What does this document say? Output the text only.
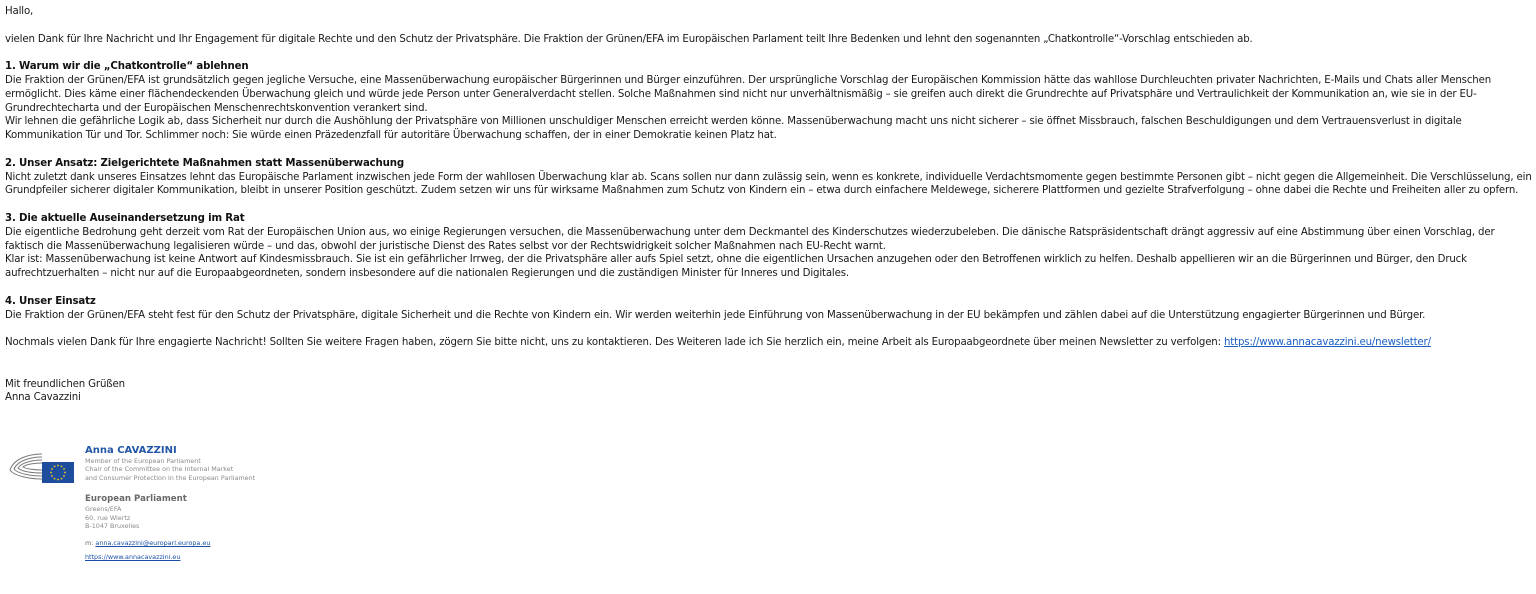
Hallo,

vielen Dank für Ihre Nachricht und Ihr Engagement für digitale Rechte und den Schutz der Privatsphäre. Die Fraktion der Grünen/EFA im Europäischen Parlament teilt Ihre Bedenken und lehnt den sogenannten „Chatkontrolle“-Vorschlag entschieden ab.

1. Warum wir die „Chatkontrolle“ ablehnen

Die Fraktion der Grünen/EFA ist grundsätzlich gegen jegliche Versuche, eine Massenüberwachung europäischer Bürgerinnen und Bürger einzuführen. Der ursprüngliche Vorschlag der Europäischen Kommission hätte das wahllose Durchleuchten privater Nachrichten, E-Mails und Chats aller Menschen ermöglicht. Dies käme einer flächendeckenden Überwachung gleich und würde jede Person unter Generalverdacht stellen. Solche Maßnahmen sind nicht nur unverhältnismäßig – sie greifen auch direkt die Grundrechte auf Privatsphäre und Vertraulichkeit der Kommunikation an, wie sie in der EU-Grundrechtecharta und der Europäischen Menschenrechtskonvention verankert sind.

Wir lehnen die gefährliche Logik ab, dass Sicherheit nur durch die Aushöhlung der Privatsphäre von Millionen unschuldiger Menschen erreicht werden könne. Massenüberwachung macht uns nicht sicherer – sie öffnet Missbrauch, falschen Beschuldigungen und dem Vertrauensverlust in digitale Kommunikation Tür und Tor. Schlimmer noch: Sie würde einen Präzedenzfall für autoritäre Überwachung schaffen, der in einer Demokratie keinen Platz hat.

2. Unser Ansatz: Zielgerichtete Maßnahmen statt Massenüberwachung

Nicht zuletzt dank unseres Einsatzes lehnt das Europäische Parlament inzwischen jede Form der wahllosen Überwachung klar ab. Scans sollen nur dann zulässig sein, wenn es konkrete, individuelle Verdachtsmomente gegen bestimmte Personen gibt – nicht gegen die Allgemeinheit. Die Verschlüsselung, ein Grundpfeiler sicherer digitaler Kommunikation, bleibt in unserer Position geschützt. Zudem setzen wir uns für wirksame Maßnahmen zum Schutz von Kindern ein – etwa durch einfachere Meldewege, sicherere Plattformen und gezielte Strafverfolgung – ohne dabei die Rechte und Freiheiten aller zu opfern.

3. Die aktuelle Auseinandersetzung im Rat

Die eigentliche Bedrohung geht derzeit vom Rat der Europäischen Union aus, wo einige Regierungen versuchen, die Massenüberwachung unter dem Deckmantel des Kinderschutzes wiederzubeleben. Die dänische Ratspräsidentschaft drängt aggressiv auf eine Abstimmung über einen Vorschlag, der faktisch die Massenüberwachung legalisieren würde – und das, obwohl der juristische Dienst des Rates selbst vor der Rechtswidrigkeit solcher Maßnahmen nach EU-Recht warnt.

Klar ist: Massenüberwachung ist keine Antwort auf Kindesmissbrauch. Sie ist ein gefährlicher Irrweg, der die Privatsphäre aller aufs Spiel setzt, ohne die eigentlichen Ursachen anzugehen oder den Betroffenen wirklich zu helfen. Deshalb appellieren wir an die Bürgerinnen und Bürger, den Druck aufrechtzuerhalten – nicht nur auf die Europaabgeordneten, sondern insbesondere auf die nationalen Regierungen und die zuständigen Minister für Inneres und Digitales.

4. Unser Einsatz

Die Fraktion der Grünen/EFA steht fest für den Schutz der Privatsphäre, digitale Sicherheit und die Rechte von Kindern ein. Wir werden weiterhin jede Einführung von Massenüberwachung in der EU bekämpfen und zählen dabei auf die Unterstützung engagierter Bürgerinnen und Bürger.

Nochmals vielen Dank für Ihre engagierte Nachricht! Sollten Sie weitere Fragen haben, zögern Sie bitte nicht, uns zu kontaktieren. Des Weiteren lade ich Sie herzlich ein, meine Arbeit als Europaabgeordnete über meinen Newsletter zu verfolgen: https://www.annacavazzini.eu/newsletter/

Mit freundlichen Grüßen

Anna Cavazzini

Anna CAVAZZINI
Member of the European Parliament
Chair of the Committee on the Internal Market
and Consumer Protection in the European Parliament
European Parliament
Greens/EFA
60, rue Wiertz
B-1047 Bruxelles
m: anna.cavazzini@europarl.europa.eu
https://www.annacavazzini.eu
